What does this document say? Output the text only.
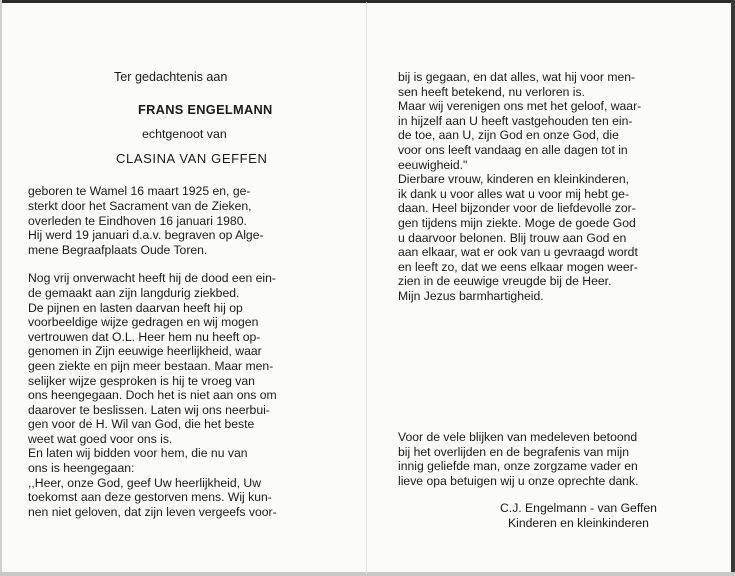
Ter gedachtenis aan
FRANS ENGELMANN
echtgenoot van
CLASINA VAN GEFFEN
geboren te Wamel 16 maart 1925 en, ge-
sterkt door het Sacrament van de Zieken,
overleden te Eindhoven 16 januari 1980.
Hij werd 19 januari d.a.v. begraven op Alge-
mene Begraafplaats Oude Toren.
Nog vrij onverwacht heeft hij de dood een ein-
de gemaakt aan zijn langdurig ziekbed.
De pijnen en lasten daarvan heeft hij op
voorbeeldige wijze gedragen en wij mogen
vertrouwen dat O.L. Heer hem nu heeft op-
genomen in Zijn eeuwige heerlijkheid, waar
geen ziekte en pijn meer bestaan. Maar men-
selijker wijze gesproken is hij te vroeg van
ons heengegaan. Doch het is niet aan ons om
daarover te beslissen. Laten wij ons neerbui-
gen voor de H. Wil van God, die het beste
weet wat goed voor ons is.
En laten wij bidden voor hem, die nu van
ons is heengegaan:
,,Heer, onze God, geef Uw heerlijkheid, Uw
toekomst aan deze gestorven mens. Wij kun-
nen niet geloven, dat zijn leven vergeefs voor-
bij is gegaan, en dat alles, wat hij voor men-
sen heeft betekend, nu verloren is.
Maar wij verenigen ons met het geloof, waar-
in hijzelf aan U heeft vastgehouden ten ein-
de toe, aan U, zijn God en onze God, die
voor ons leeft vandaag en alle dagen tot in
eeuwigheid."
Dierbare vrouw, kinderen en kleinkinderen,
ik dank u voor alles wat u voor mij hebt ge-
daan. Heel bijzonder voor de liefdevolle zor-
gen tijdens mijn ziekte. Moge de goede God
u daarvoor belonen. Blij trouw aan God en
aan elkaar, wat er ook van u gevraagd wordt
en leeft zo, dat we eens elkaar mogen weer-
zien in de eeuwige vreugde bij de Heer.
Mijn Jezus barmhartigheid.
Voor de vele blijken van medeleven betoond
bij het overlijden en de begrafenis van mijn
innig geliefde man, onze zorgzame vader en
lieve opa betuigen wij u onze oprechte dank.
C.J. Engelmann - van Geffen
Kinderen en kleinkinderen
